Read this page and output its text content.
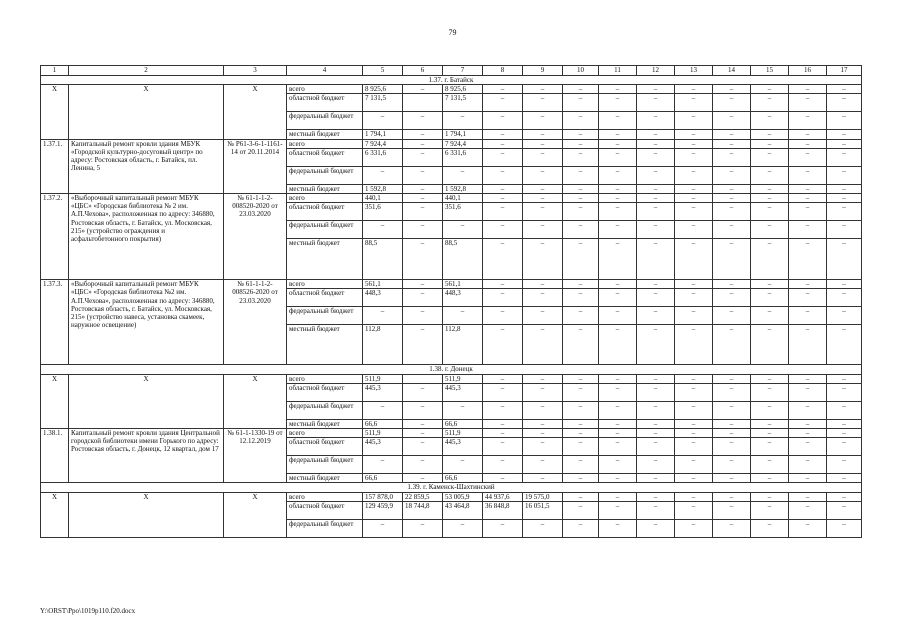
79
1	2	3	4	5	6	7	8	9	10	11	12	13	14	15	16	17
1.37. г. Батайск																
Х	Х	Х	всего	8 925,6	–	8 925,6	–	–	–	–	–	–	–	–	–	–
			областной бюджет	7 131,5		7 131,5	–	–	–	–	–	–	–	–	–	–
			федеральный бюджет	–	–	–	–	–	–	–	–	–	–	–	–	–
			местный бюджет	1 794,1	–	1 794,1	–	–	–	–	–	–	–	–	–	–
1.37.1.	Капитальный ремонт кровли здания МБУК «Городской культурно-досуговый центр» по адресу: Ростовская область, г. Батайск, пл. Ленина, 5	№ Р61-3-6-1-1161-14 от 20.11.2014	всего	7 924,4	–	7 924,4	–	–	–	–	–	–	–	–	–	–
			областной бюджет	6 331,6	–	6 331,6	–	–	–	–	–	–	–	–	–	–
			федеральный бюджет	–	–	–	–	–	–	–	–	–	–	–	–	–
			местный бюджет	1 592,8	–	1 592,8	–	–	–	–	–	–	–	–	–	–
1.37.2.	«Выборочный капитальный ремонт МБУК «ЦБС» «Городская библиотека № 2 им. А.П.Чехова», расположенная по адресу: 346880, Ростовская область, г. Батайск, ул. Московская, 215» (устройство ограждения и асфальтобетонного покрытия)	№ 61-1-1-2-008520-2020 от 23.03.2020	всего	440,1	–	440,1	–	–	–	–	–	–	–	–	–	–
			областной бюджет	351,6	–	351,6	–	–	–	–	–	–	–	–	–	–
			федеральный бюджет	–	–	–	–	–	–	–	–	–	–	–	–	–
			местный бюджет	88,5	–	88,5	–	–	–	–	–	–	–	–	–	–
1.37.3.	«Выборочный капитальный ремонт МБУК «ЦБС» «Городская библиотека №2 им. А.П.Чехова», расположенная по адресу: 346880, Ростовская область, г. Батайск, ул. Московская, 215» (устройство навеса, установка скамеек, наружное освещение)	№ 61-1-1-2-008526-2020 от 23.03.2020	всего	561,1	–	561,1	–	–	–	–	–	–	–	–	–	–
			областной бюджет	448,3	–	448,3	–	–	–	–	–	–	–	–	–	–
			федеральный бюджет	–	–	–	–	–	–	–	–	–	–	–	–	–
			местный бюджет	112,8	–	112,8	–	–	–	–	–	–	–	–	–	–
1.38. г. Донецк																
Х	Х	Х	всего	511,9		511,9	–	–	–	–	–	–	–	–	–	–
			областной бюджет	445,3	–	445,3	–	–	–	–	–	–	–	–	–	–
			федеральный бюджет	–	–	–	–	–	–	–	–	–	–	–	–	–
			местный бюджет	66,6	–	66,6	–	–	–	–	–	–	–	–	–	–
1.38.1.	Капитальный ремонт кровли здания Центральной городской библиотеки имени Горького по адресу: Ростовская область, г. Донецк, 12 квартал, дом 17	№ 61-1-1330-19 от 12.12.2019	всего	511,9	–	511,9	–	–	–	–	–	–	–	–	–	–
			областной бюджет	445,3	–	445,3	–	–	–	–	–	–	–	–	–	–
			федеральный бюджет	–	–	–	–	–	–	–	–	–	–	–	–	–
			местный бюджет	66,6	–	66,6	–	–	–	–	–	–	–	–	–	–
1.39. г. Каменск-Шахтинский																
Х	Х	Х	всего	157 878,0	22 859,5	53 005,9	44 937,6	19 575,0	–	–	–	–	–	–	–	–
			областной бюджет	129 459,9	18 744,8	43 464,8	36 848,8	16 051,5	–	–	–	–	–	–	–	–
			федеральный бюджет	–	–	–	–	–	–	–	–	–	–	–	–	–
Y:\ORST\Ppo\1019p110.f20.docx
